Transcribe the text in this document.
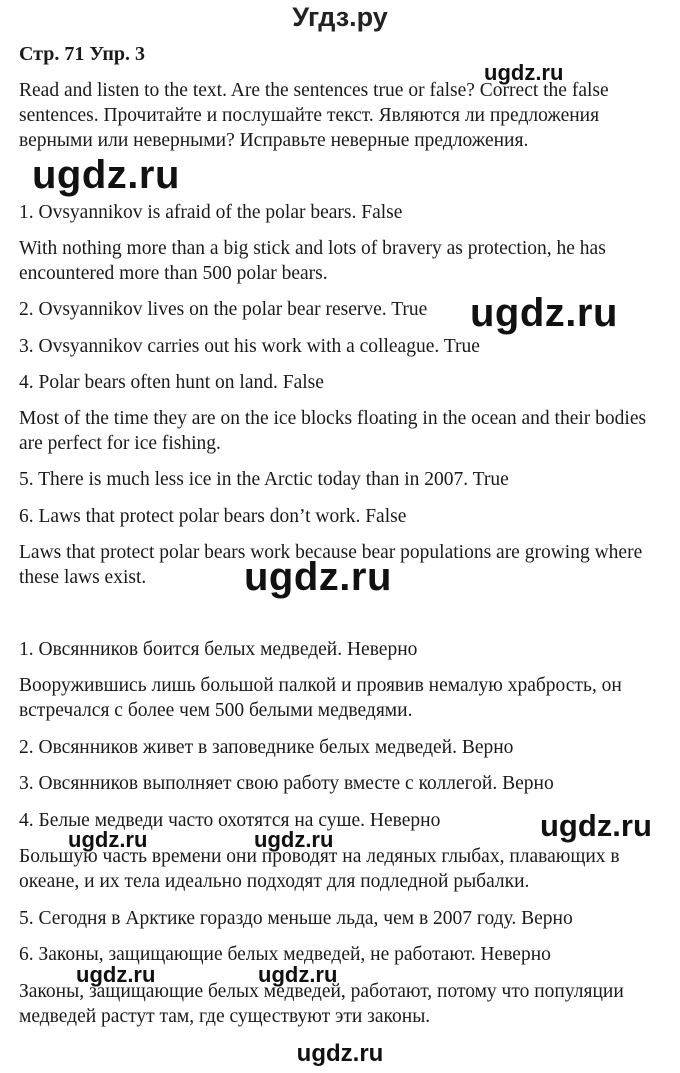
Угдз.ру
Стр. 71 Упр. 3
Read and listen to the text. Are the sentences true or false? Correct the false sentences. Прочитайте и послушайте текст. Являются ли предложения верными или неверными? Исправьте неверные предложения.
1. Ovsyannikov is afraid of the polar bears. False
With nothing more than a big stick and lots of bravery as protection, he has encountered more than 500 polar bears.
2. Ovsyannikov lives on the polar bear reserve. True
3. Ovsyannikov carries out his work with a colleague. True
4. Polar bears often hunt on land. False
Most of the time they are on the ice blocks floating in the ocean and their bodies are perfect for ice fishing.
5. There is much less ice in the Arctic today than in 2007. True
6. Laws that protect polar bears don’t work. False
Laws that protect polar bears work because bear populations are growing where these laws exist.
1. Овсянников боится белых медведей. Неверно
Вооружившись лишь большой палкой и проявив немалую храбрость, он встречался с более чем 500 белыми медведями.
2. Овсянников живет в заповеднике белых медведей. Верно
3. Овсянников выполняет свою работу вместе с коллегой. Верно
4. Белые медведи часто охотятся на суше. Неверно
Большую часть времени они проводят на ледяных глыбах, плавающих в океане, и их тела идеально подходят для подледной рыбалки.
5. Сегодня в Арктике гораздо меньше льда, чем в 2007 году. Верно
6. Законы, защищающие белых медведей, не работают. Неверно
Законы, защищающие белых медведей, работают, потому что популяции медведей растут там, где существуют эти законы.
ugdz.ru
ugdz.ru
ugdz.ru
ugdz.ru
ugdz.ru	ugdz.ru	ugdz.ru
ugdz.ru	ugdz.ru
ugdz.ru
